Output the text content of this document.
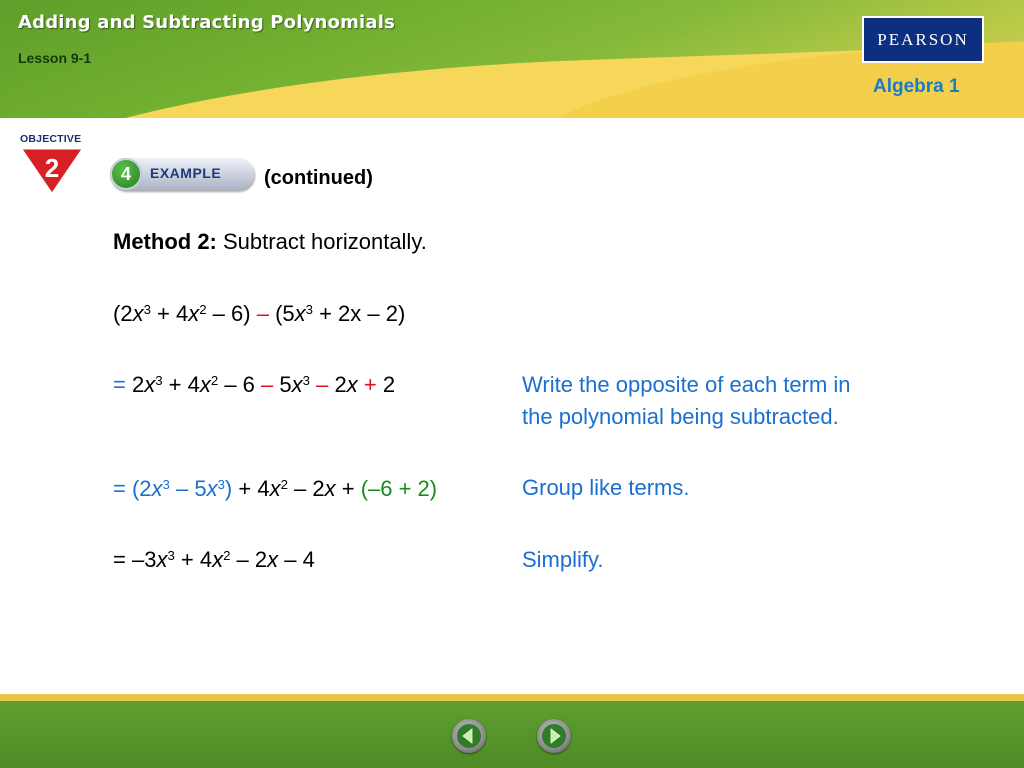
Adding and Subtracting Polynomials
Lesson 9-1
PEARSON
Algebra 1
OBJECTIVE
2	4	EXAMPLE (continued)
Method 2: Subtract horizontally.
$(2x^3 + 4x^2 - 6) - (5x^3 + 2x - 2)$
= $2x^3 + 4x^2 - 6 - 5x^3 - 2x + 2$	Write the opposite of each term in
the polynomial being subtracted.
= $(2x^3 - 5x^3) + 4x^2 - 2x + (-6 + 2)$	Group like terms.
= $-3x^3 + 4x^2 - 2x - 4$	Simplify.
